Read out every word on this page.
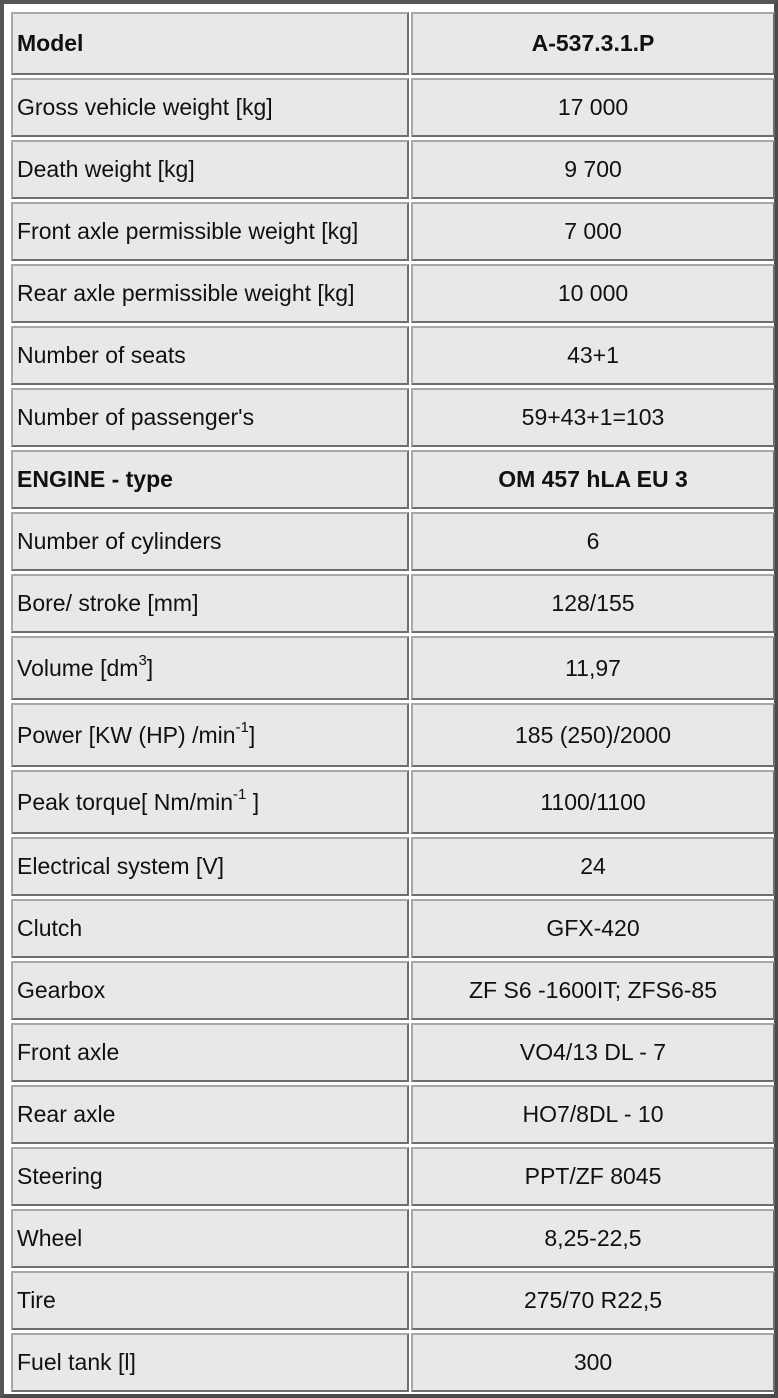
Model	A-537.3.1.P
Gross vehicle weight [kg]	17 000
Death weight [kg]	9 700
Front axle permissible weight [kg]	7 000
Rear axle permissible weight [kg]	10 000
Number of seats	43+1
Number of passenger's	59+43+1=103
ENGINE - type	OM 457 hLA EU 3
Number of cylinders	6
Bore/ stroke [mm]	128/155
Volume $[dm^3]$	11,97
Power [KW (HP) $/\min^{-1}$]	185 (250)/2000
Peak torque[ $Nm/\min^{-1}$ ]	1100/1100
Electrical system [V]	24
Clutch	GFX-420
Gearbox	ZF S6 -1600IT; ZFS6-85
Front axle	VO4/13 DL - 7
Rear axle	HO7/8DL - 10
Steering	PPT/ZF 8045
Wheel	8,25-22,5
Tire	275/70 R22,5
Fuel tank [l]	300
